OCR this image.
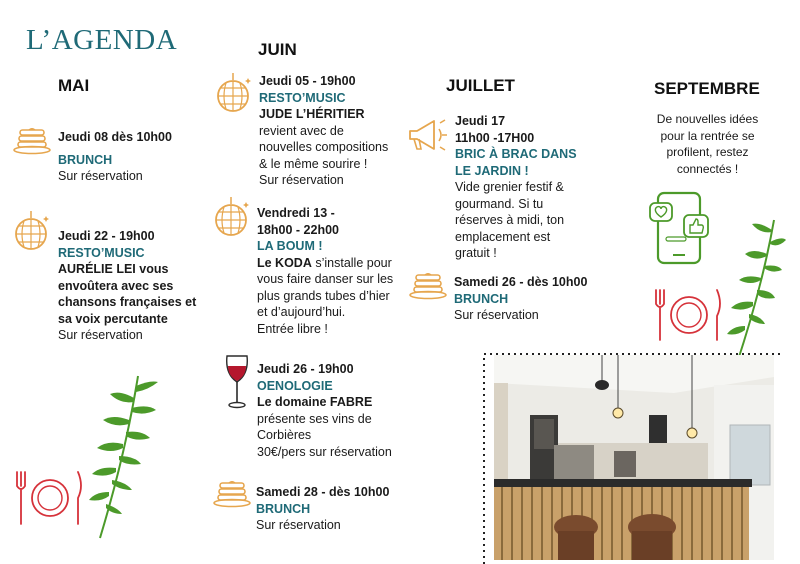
L’AGENDA
MAI
JUIN
JUILLET	SEPTEMBRE
Jeudi 08 dès 10h00
BRUNCH
Sur réservation
Jeudi 22 - 19h00
RESTO’MUSIC
AURÉLIE LEI vous
envoûtera avec ses
chansons françaises et
sa voix percutante
Sur réservation
Jeudi 05 - 19h00
RESTO’MUSIC
JUDE L’HÉRITIER
revient avec de
nouvelles compositions
& le même sourire !
Sur réservation
Vendredi 13 -
18h00 - 22h00
LA BOUM !
Le KODA s’installe pour
vous faire danser sur les
plus grands tubes d’hier
et d’aujourd’hui.
Entrée libre !
Jeudi 26 - 19h00
OENOLOGIE
Le domaine FABRE
présente ses vins de
Corbières
30€/pers sur réservation
Samedi 28 - dès 10h00
BRUNCH
Sur réservation
Jeudi 17
11h00 -17H00
BRIC À BRAC DANS
LE JARDIN !
Vide grenier festif &
gourmand. Si tu
réserves à midi, ton
emplacement est
gratuit !
Samedi 26 - dès 10h00
BRUNCH
Sur réservation
De nouvelles idées
pour la rentrée se
profilent, restez
connectés !
